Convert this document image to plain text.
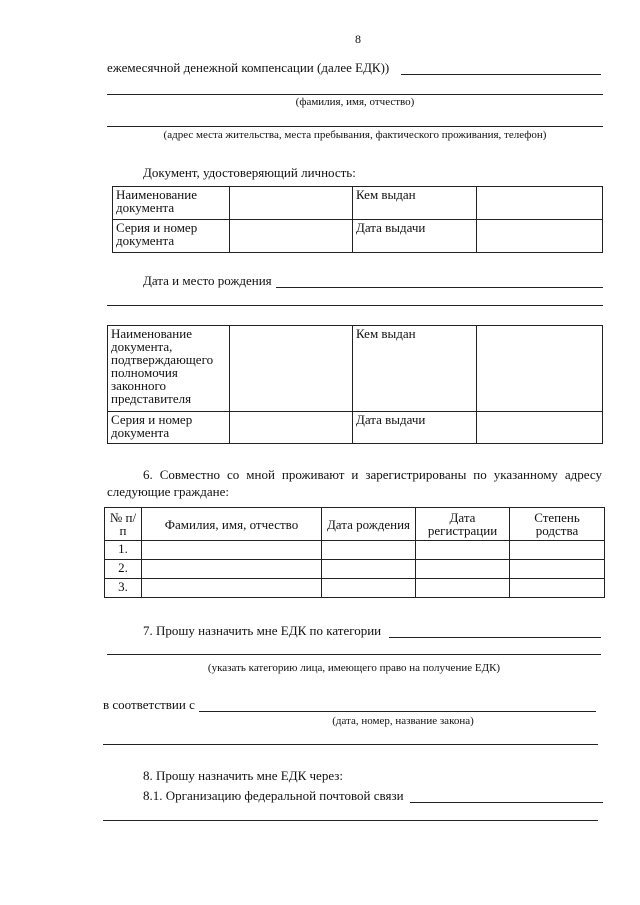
8
ежемесячной денежной компенсации (далее ЕДК))
(фамилия, имя, отчество)
(адрес места жительства, места пребывания, фактического проживания, телефон)
Документ, удостоверяющий личность:
Наименование документа		Кем выдан	
Серия и номер документа		Дата выдачи	
Дата и место рождения
Наименование документа, подтверждающего полномочия законного представителя		Кем выдан	
Серия и номер документа		Дата выдачи	
6. Совместно со мной проживают и зарегистрированы по указанному адресу следующие граждане:
№ п/п	Фамилия, имя, отчество	Дата рождения	Дата регистрации	Степень родства
1.				
2.				
3.				
7. Прошу назначить мне ЕДК по категории
(указать категорию лица, имеющего право на получение ЕДК)
в соответствии с
(дата, номер, название закона)
8. Прошу назначить мне ЕДК через:
8.1. Организацию федеральной почтовой связи
